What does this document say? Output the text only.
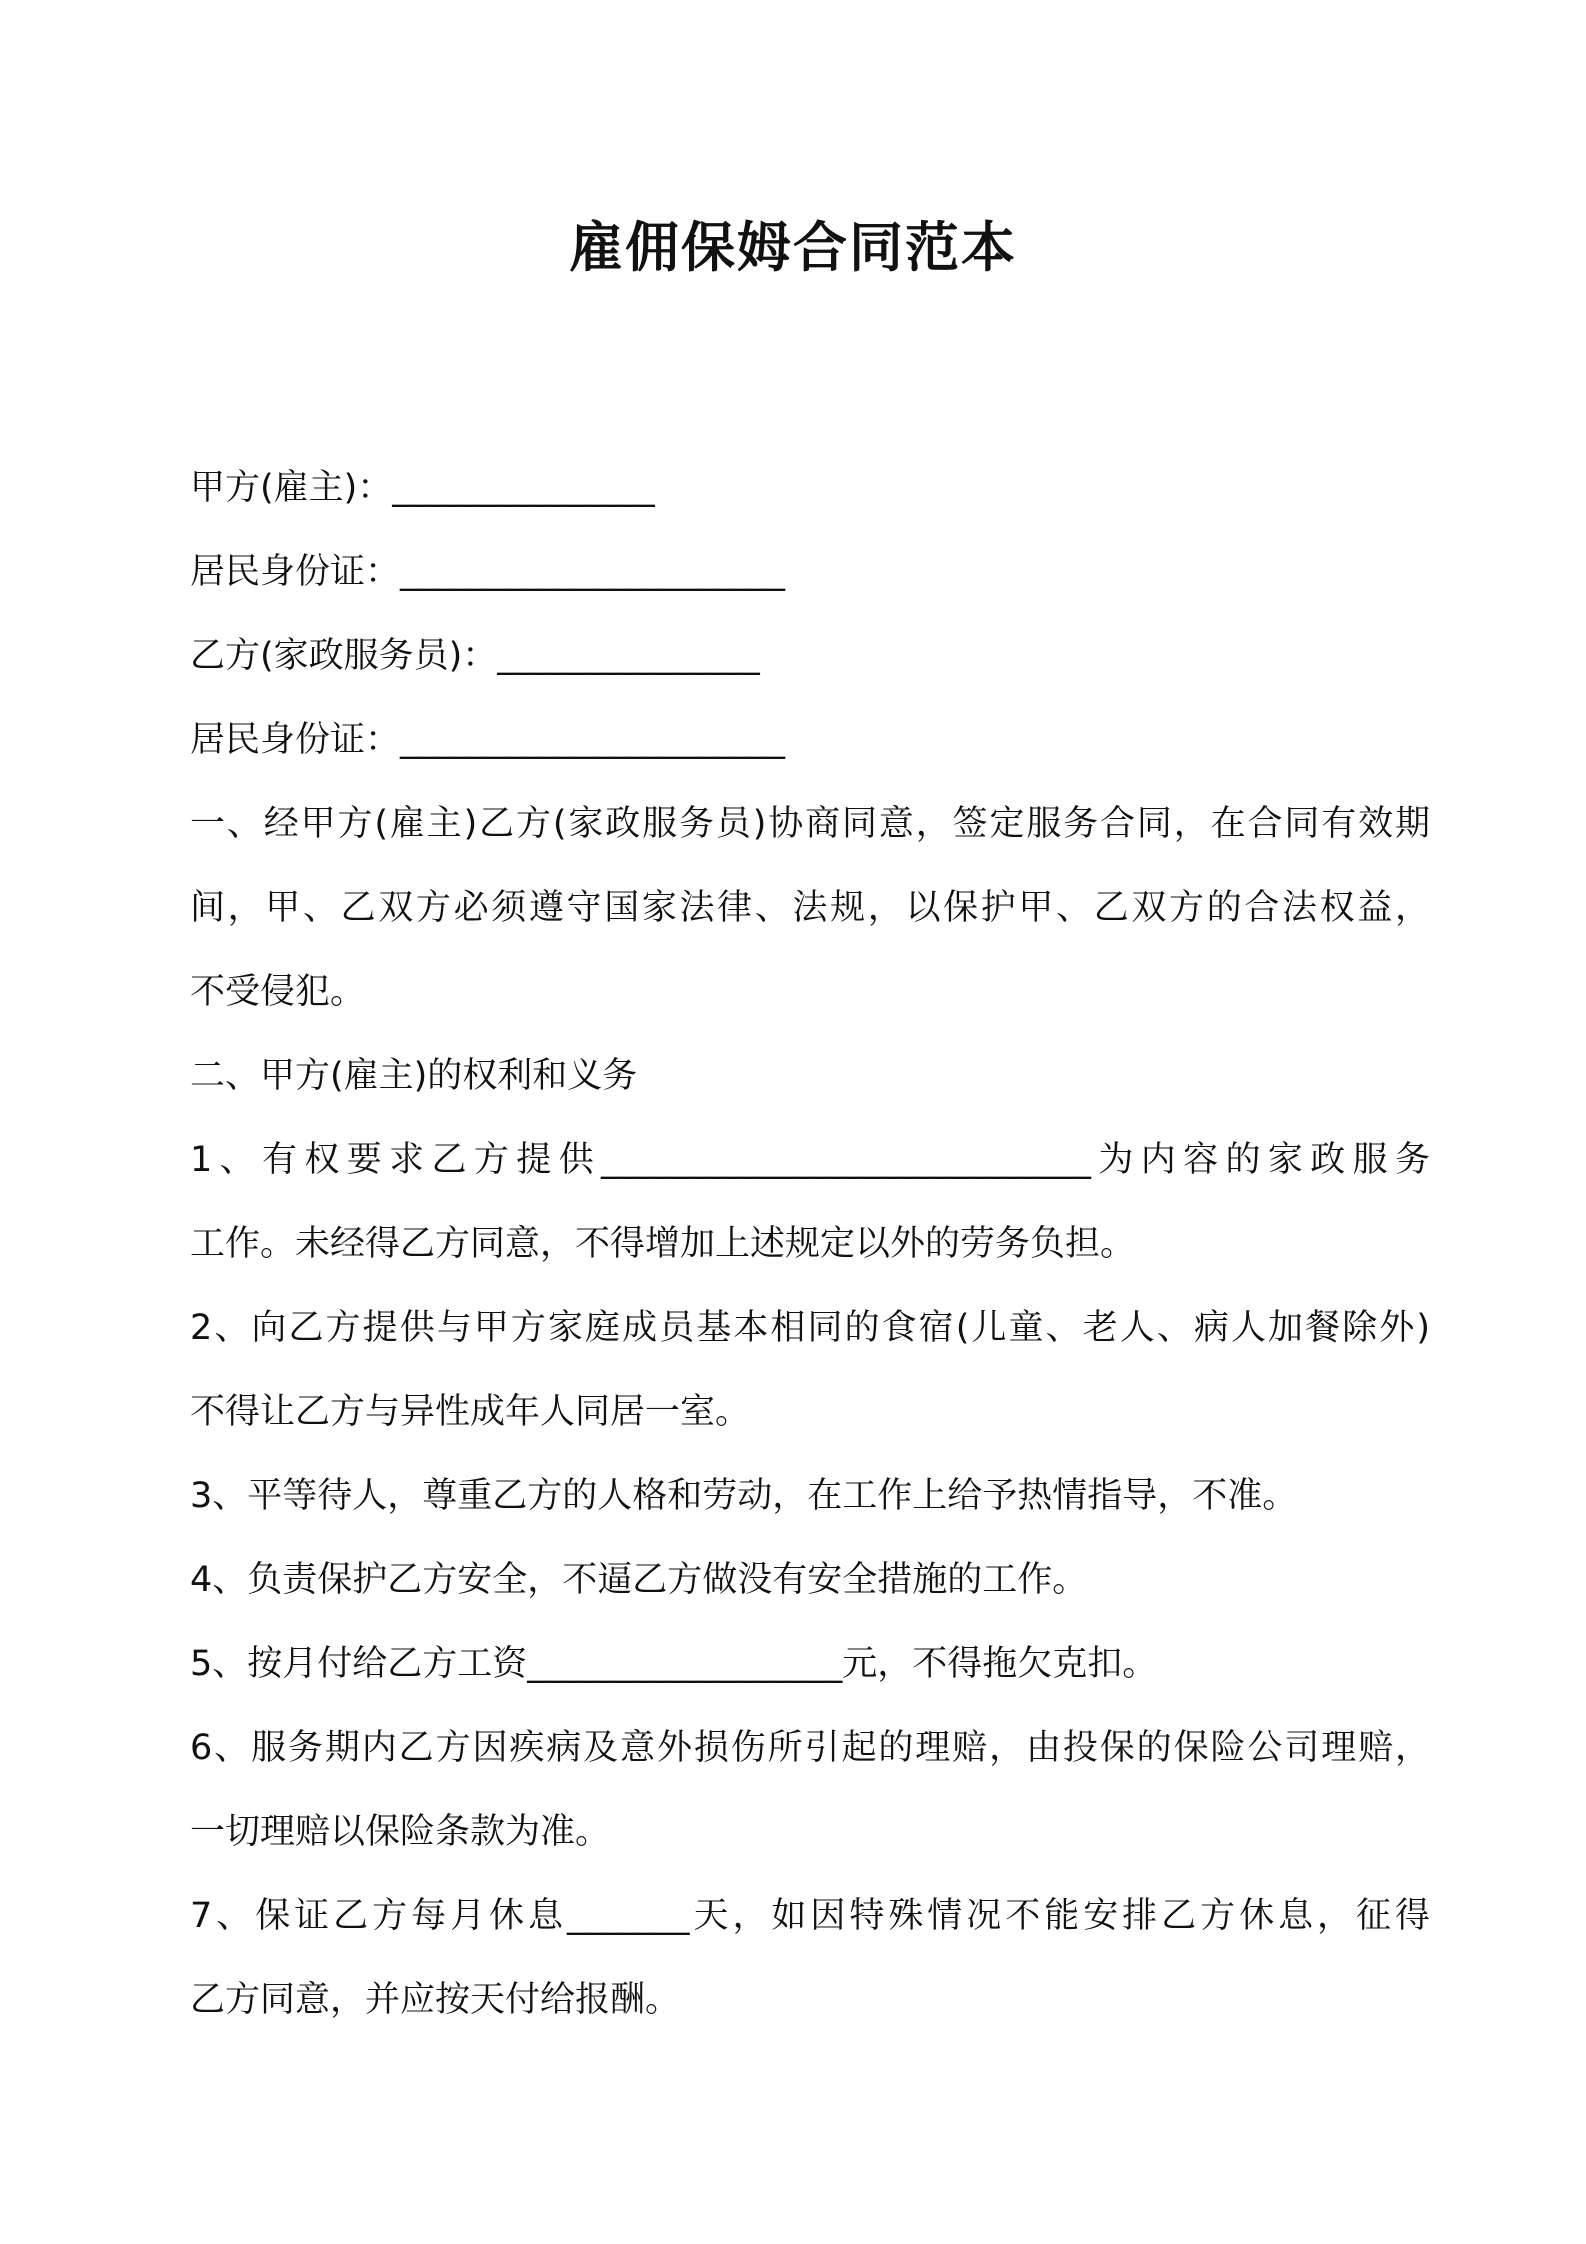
雇佣保姆合同范本
甲方(雇主)：_______________
居民身份证：______________________
乙方(家政服务员)：_______________
居民身份证：______________________
一、经甲方(雇主)乙方(家政服务员)协商同意，签定服务合同，在合同有效期
间，甲、乙双方必须遵守国家法律、法规，以保护甲、乙双方的合法权益，
不受侵犯。
二、甲方(雇主)的权利和义务
1、有权要求乙方提供____________________________为内容的家政服务
工作。未经得乙方同意，不得增加上述规定以外的劳务负担。
2、向乙方提供与甲方家庭成员基本相同的食宿(儿童、老人、病人加餐除外)
不得让乙方与异性成年人同居一室。
3、平等待人，尊重乙方的人格和劳动，在工作上给予热情指导，不准。
4、负责保护乙方安全，不逼乙方做没有安全措施的工作。
5、按月付给乙方工资__________________元，不得拖欠克扣。
6、服务期内乙方因疾病及意外损伤所引起的理赔，由投保的保险公司理赔，
一切理赔以保险条款为准。
7、保证乙方每月休息_______天，如因特殊情况不能安排乙方休息，征得
乙方同意，并应按天付给报酬。
